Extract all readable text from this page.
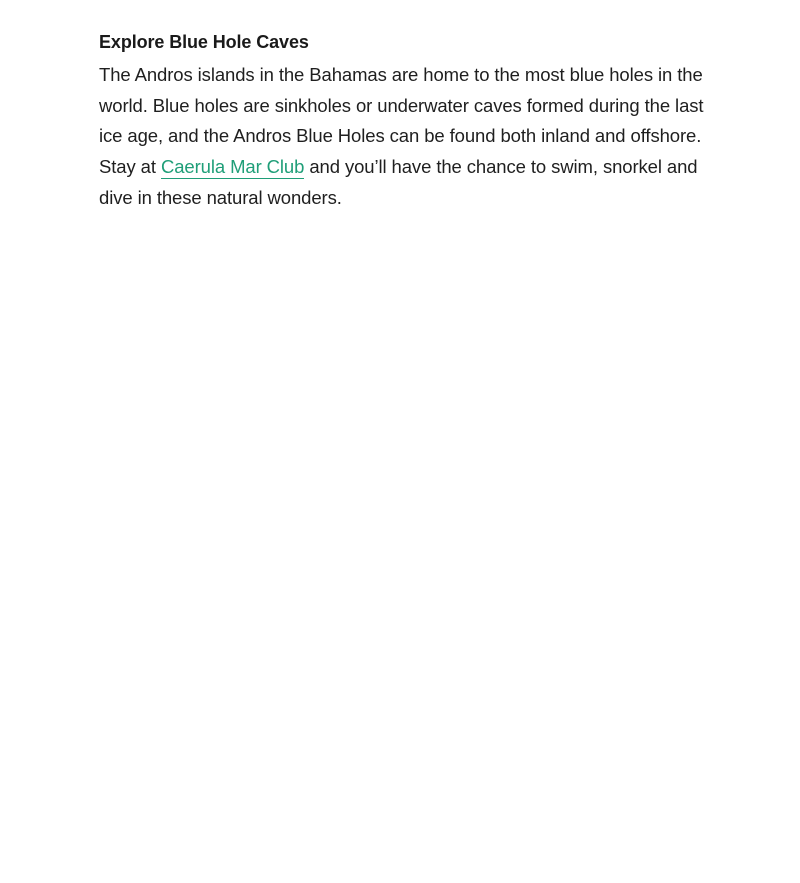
Explore Blue Hole Caves

The Andros islands in the Bahamas are home to the most blue holes in the world. Blue holes are sinkholes or underwater caves formed during the last ice age, and the Andros Blue Holes can be found both inland and offshore. Stay at Caerula Mar Club and you’ll have the chance to swim, snorkel and dive in these natural wonders.
